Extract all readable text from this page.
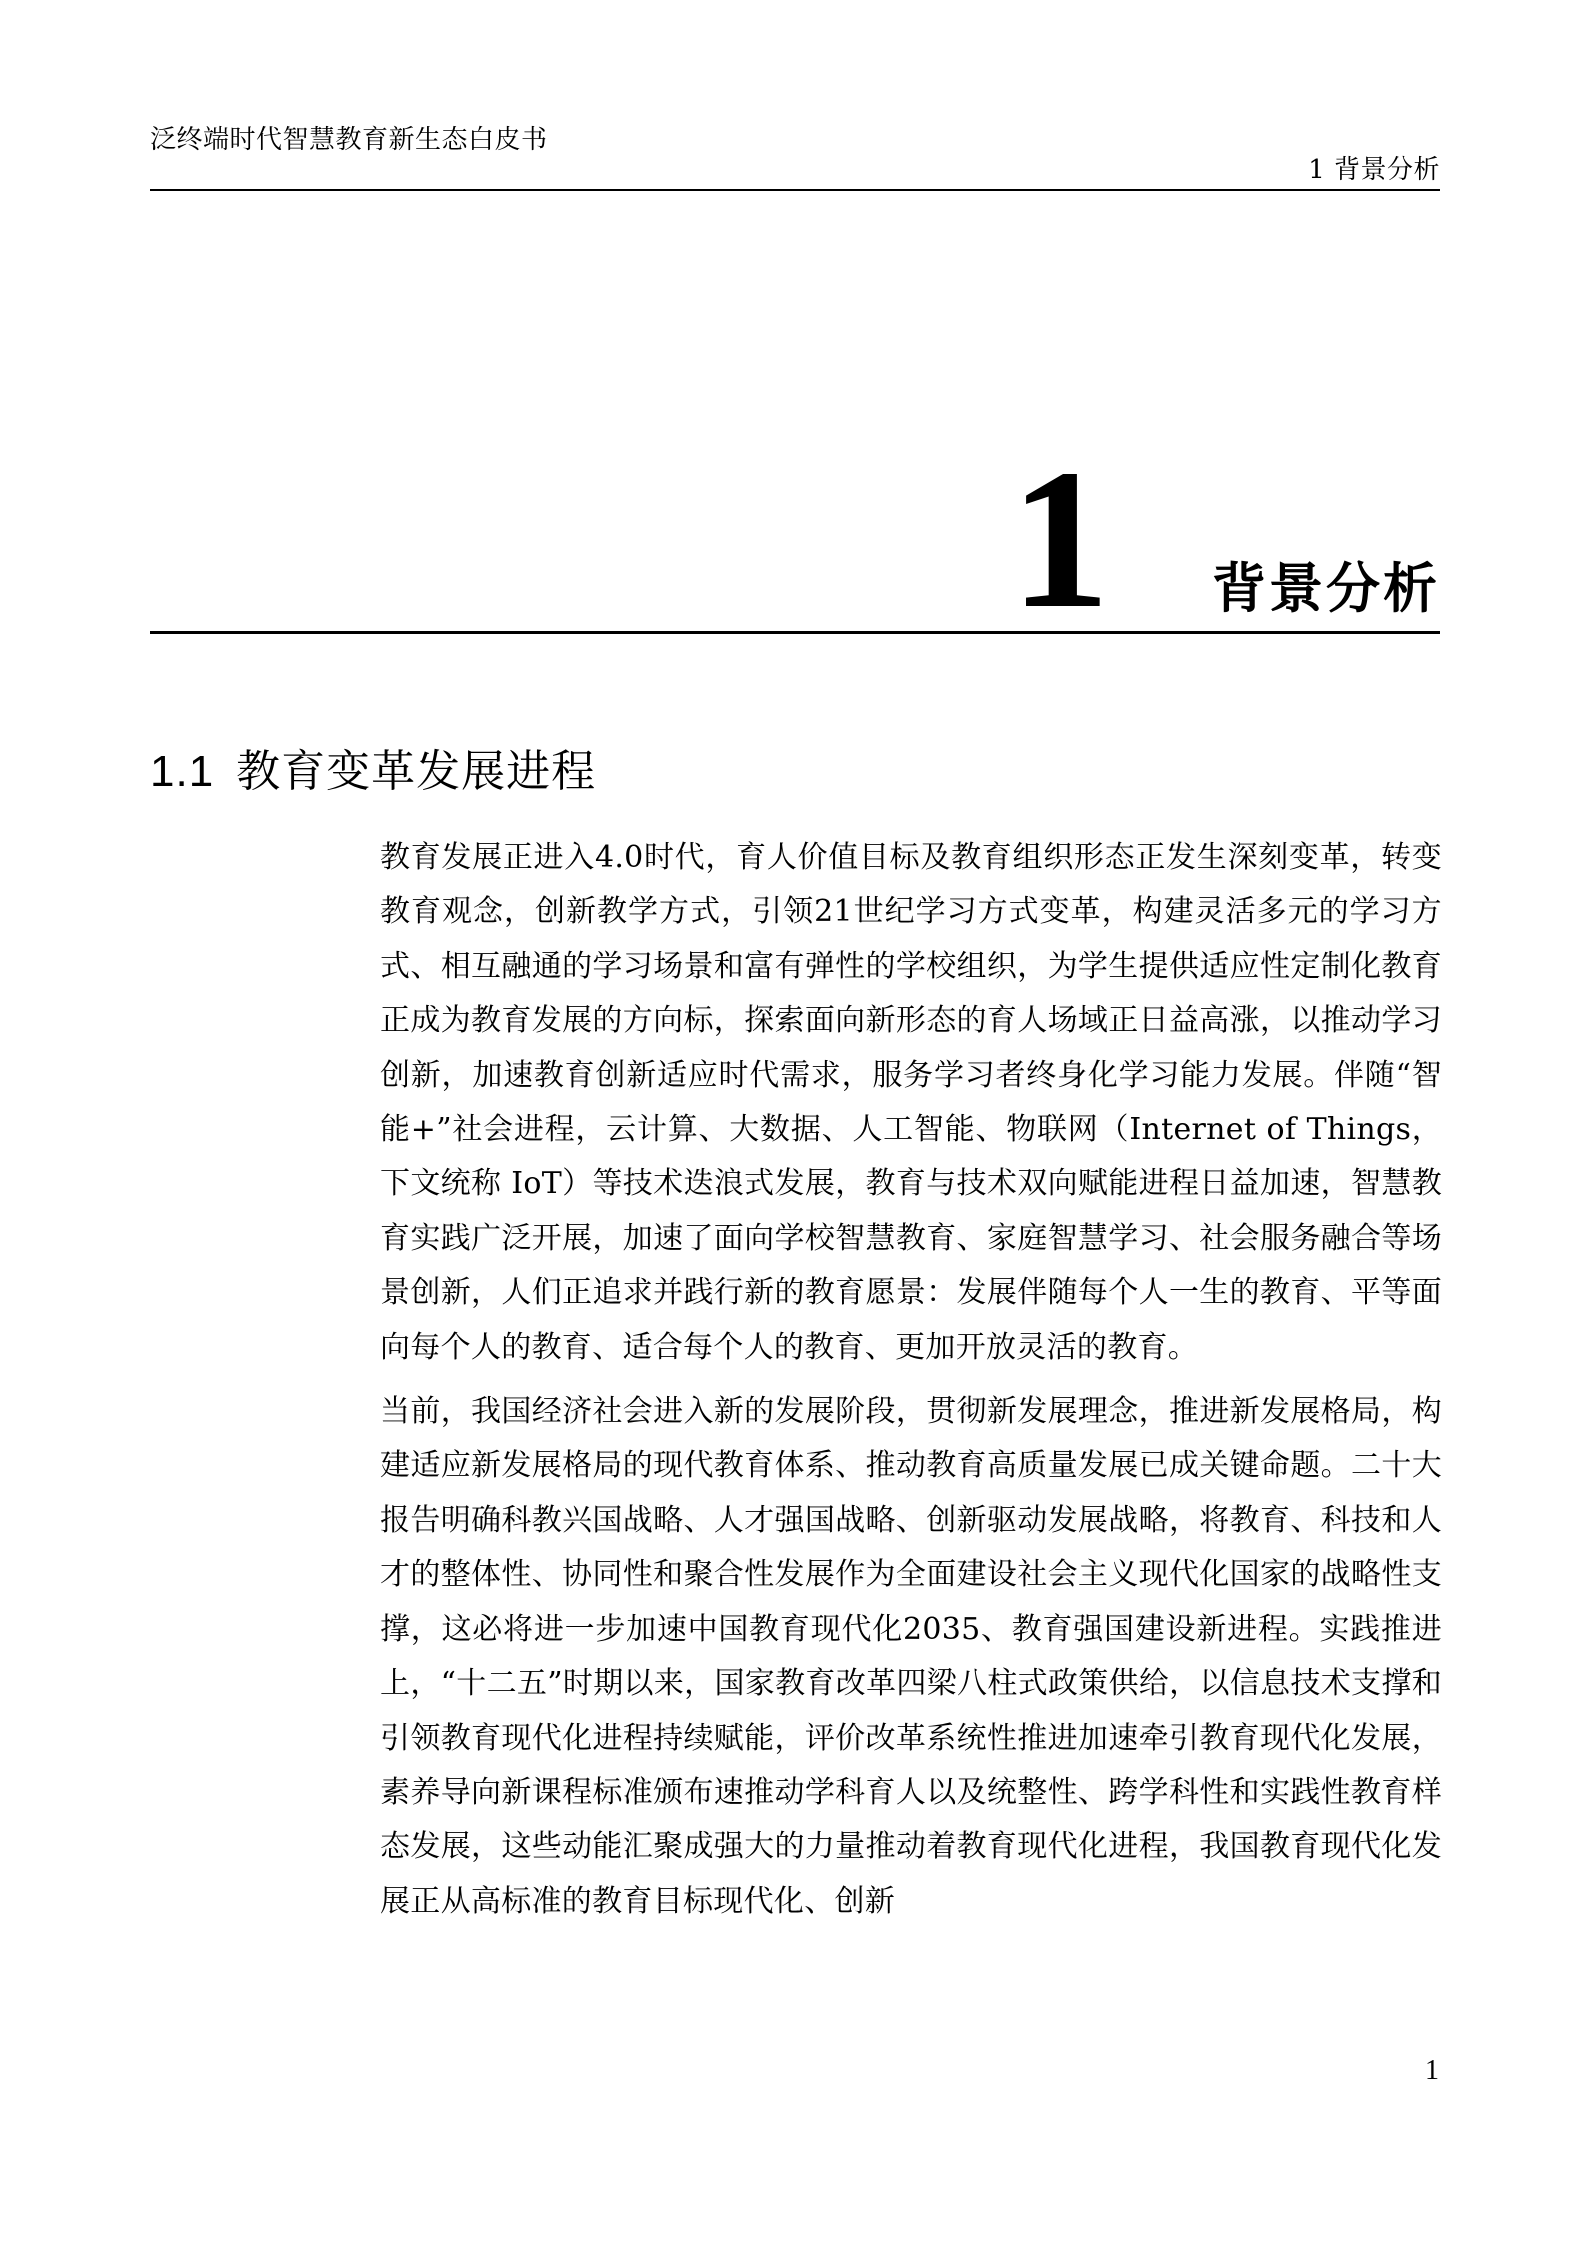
泛终端时代智慧教育新生态白皮书
1 背景分析
1 背景分析
1.1 教育变革发展进程

教育发展正进入4.0时代，育人价值目标及教育组织形态正发生深刻变革，转变教育观念，创新教学方式，引领21世纪学习方式变革，构建灵活多元的学习方式、相互融通的学习场景和富有弹性的学校组织，为学生提供适应性定制化教育正成为教育发展的方向标，探索面向新形态的育人场域正日益高涨，以推动学习创新，加速教育创新适应时代需求，服务学习者终身化学习能力发展。伴随“智能+”社会进程，云计算、大数据、人工智能、物联网（Internet of Things，下文统称 IoT）等技术迭浪式发展，教育与技术双向赋能进程日益加速，智慧教育实践广泛开展，加速了面向学校智慧教育、家庭智慧学习、社会服务融合等场景创新，人们正追求并践行新的教育愿景：发展伴随每个人一生的教育、平等面向每个人的教育、适合每个人的教育、更加开放灵活的教育。

当前，我国经济社会进入新的发展阶段，贯彻新发展理念，推进新发展格局，构建适应新发展格局的现代教育体系、推动教育高质量发展已成关键命题。二十大报告明确科教兴国战略、人才强国战略、创新驱动发展战略，将教育、科技和人才的整体性、协同性和聚合性发展作为全面建设社会主义现代化国家的战略性支撑，这必将进一步加速中国教育现代化2035、教育强国建设新进程。实践推进上，“十二五”时期以来，国家教育改革四梁八柱式政策供给，以信息技术支撑和引领教育现代化进程持续赋能，评价改革系统性推进加速牵引教育现代化发展，素养导向新课程标准颁布速推动学科育人以及统整性、跨学科性和实践性教育样态发展，这些动能汇聚成强大的力量推动着教育现代化进程，我国教育现代化发展正从高标准的教育目标现代化、创新

1
